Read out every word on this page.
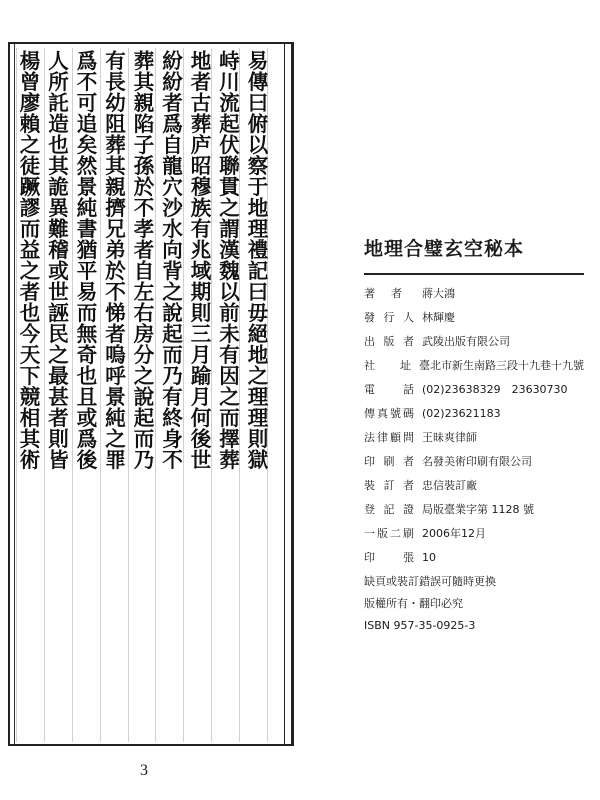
易傳曰俯以察于地理禮記曰毋絕地之理理則獄
峙川流起伏聯貫之謂漢魏以前未有因之而擇葬
地者古葬庐昭穆族有兆域期則三月踰月何後世
紛紛者爲自龍穴沙水向背之說起而乃有終身不
葬其親陷子孫於不孝者自左右房分之說起而乃
有長幼阻葬其親擠兄弟於不悌者嗚呼景純之罪
爲不可追矣然景純書猶平易而無奇也且或爲後
人所託造也其詭異難稽或世誣民之最甚者則皆
楊曾廖賴之徒蹶謬而益之者也今天下競相其術
3
地理合璧玄空秘本
著 者 蔣大鴻
發行人 林輝慶
出版者 武陵出版有限公司
社 址 臺北市新生南路三段十九巷十九號
電 話 (02)23638329　23630730
傳真號碼 (02)23621183
法律顧問 王昧爽律師
印刷者 名發美術印刷有限公司
裝訂者 忠信裝訂廠
登記證 局版臺業字第 1128 號
一版二刷 2006年12月
印 張 10
缺頁或裝訂錯誤可隨時更換
版權所有・翻印必究
ISBN 957-35-0925-3
